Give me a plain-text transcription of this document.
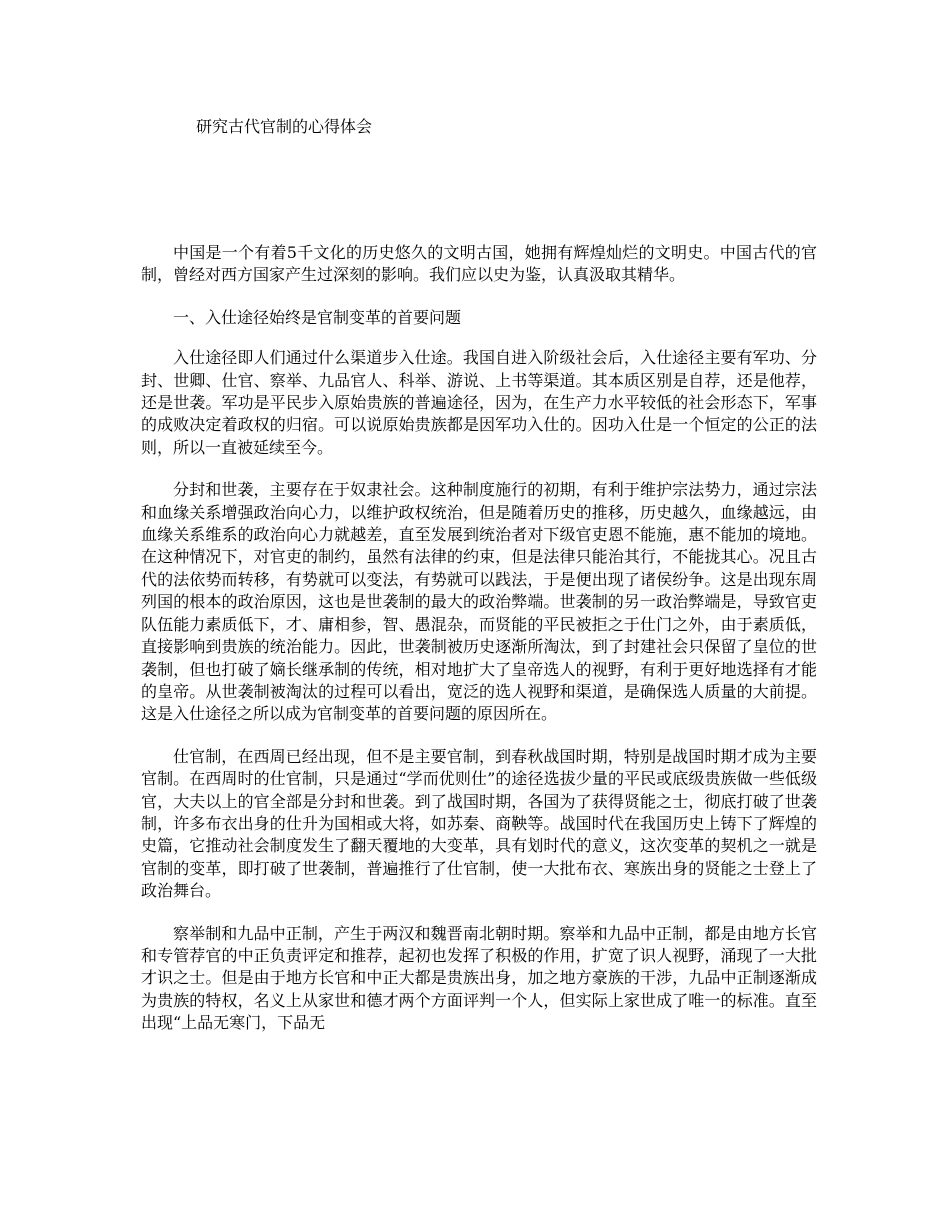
研究古代官制的心得体会

中国是一个有着5千文化的历史悠久的文明古国，她拥有辉煌灿烂的文明史。中国古代的官制，曾经对西方国家产生过深刻的影响。我们应以史为鉴，认真汲取其精华。

一、入仕途径始终是官制变革的首要问题

入仕途径即人们通过什么渠道步入仕途。我国自进入阶级社会后，入仕途径主要有军功、分封、世卿、仕官、察举、九品官人、科举、游说、上书等渠道。其本质区别是自荐，还是他荐，还是世袭。军功是平民步入原始贵族的普遍途径，因为，在生产力水平较低的社会形态下，军事的成败决定着政权的归宿。可以说原始贵族都是因军功入仕的。因功入仕是一个恒定的公正的法则，所以一直被延续至今。

分封和世袭，主要存在于奴隶社会。这种制度施行的初期，有利于维护宗法势力，通过宗法和血缘关系增强政治向心力，以维护政权统治，但是随着历史的推移，历史越久，血缘越远，由血缘关系维系的政治向心力就越差，直至发展到统治者对下级官吏恩不能施，惠不能加的境地。在这种情况下，对官吏的制约，虽然有法律的约束，但是法律只能治其行，不能拢其心。况且古代的法依势而转移，有势就可以变法，有势就可以践法，于是便出现了诸侯纷争。这是出现东周列国的根本的政治原因，这也是世袭制的最大的政治弊端。世袭制的另一政治弊端是，导致官吏队伍能力素质低下，才、庸相参，智、愚混杂，而贤能的平民被拒之于仕门之外，由于素质低，直接影响到贵族的统治能力。因此，世袭制被历史逐渐所淘汰，到了封建社会只保留了皇位的世袭制，但也打破了嫡长继承制的传统，相对地扩大了皇帝选人的视野，有利于更好地选择有才能的皇帝。从世袭制被淘汰的过程可以看出，宽泛的选人视野和渠道，是确保选人质量的大前提。这是入仕途径之所以成为官制变革的首要问题的原因所在。

仕官制，在西周已经出现，但不是主要官制，到春秋战国时期，特别是战国时期才成为主要官制。在西周时的仕官制，只是通过“学而优则仕”的途径选拔少量的平民或底级贵族做一些低级官，大夫以上的官全部是分封和世袭。到了战国时期，各国为了获得贤能之士，彻底打破了世袭制，许多布衣出身的仕升为国相或大将，如苏秦、商鞅等。战国时代在我国历史上铸下了辉煌的史篇，它推动社会制度发生了翻天覆地的大变革，具有划时代的意义，这次变革的契机之一就是官制的变革，即打破了世袭制，普遍推行了仕官制，使一大批布衣、寒族出身的贤能之士登上了政治舞台。

察举制和九品中正制，产生于两汉和魏晋南北朝时期。察举和九品中正制，都是由地方长官和专管荐官的中正负责评定和推荐，起初也发挥了积极的作用，扩宽了识人视野，涌现了一大批才识之士。但是由于地方长官和中正大都是贵族出身，加之地方豪族的干涉，九品中正制逐渐成为贵族的特权，名义上从家世和德才两个方面评判一个人，但实际上家世成了唯一的标准。直至出现“上品无寒门，下品无
